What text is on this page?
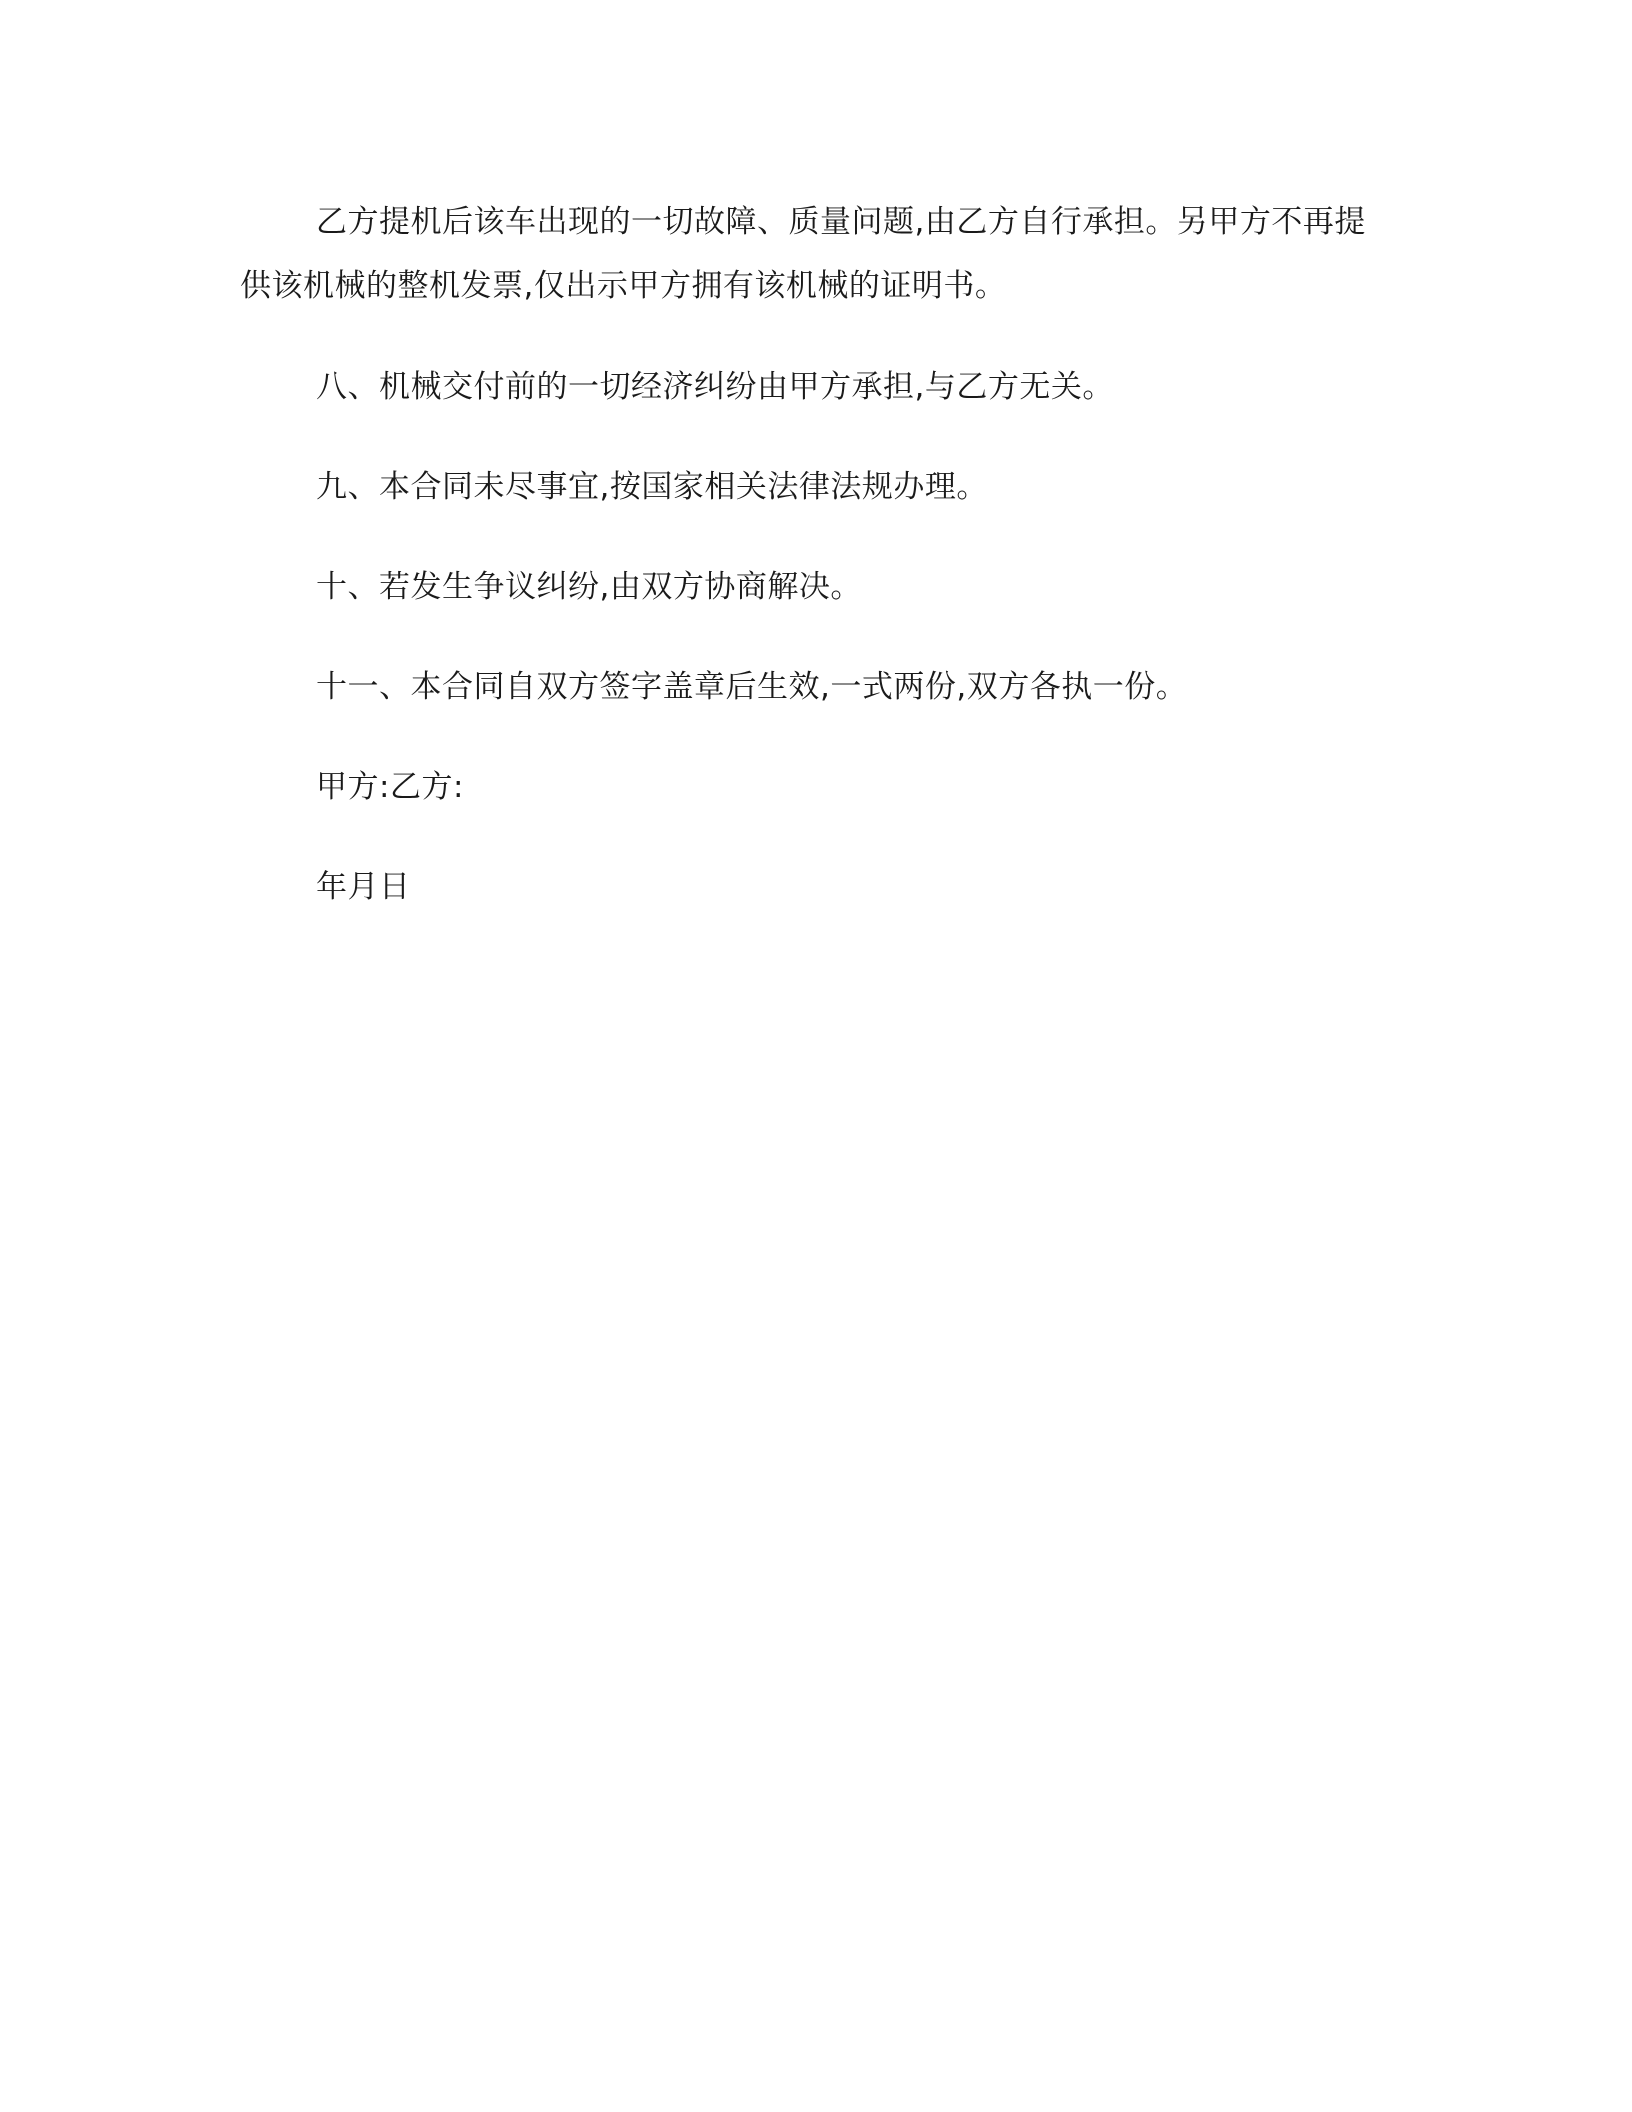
乙方提机后该车出现的一切故障、质量问题,由乙方自行承担。另甲方不再提供该机械的整机发票,仅出示甲方拥有该机械的证明书。

八、机械交付前的一切经济纠纷由甲方承担,与乙方无关。

九、本合同未尽事宜,按国家相关法律法规办理。

十、若发生争议纠纷,由双方协商解决。

十一、本合同自双方签字盖章后生效,一式两份,双方各执一份。

甲方:乙方:

年月日
